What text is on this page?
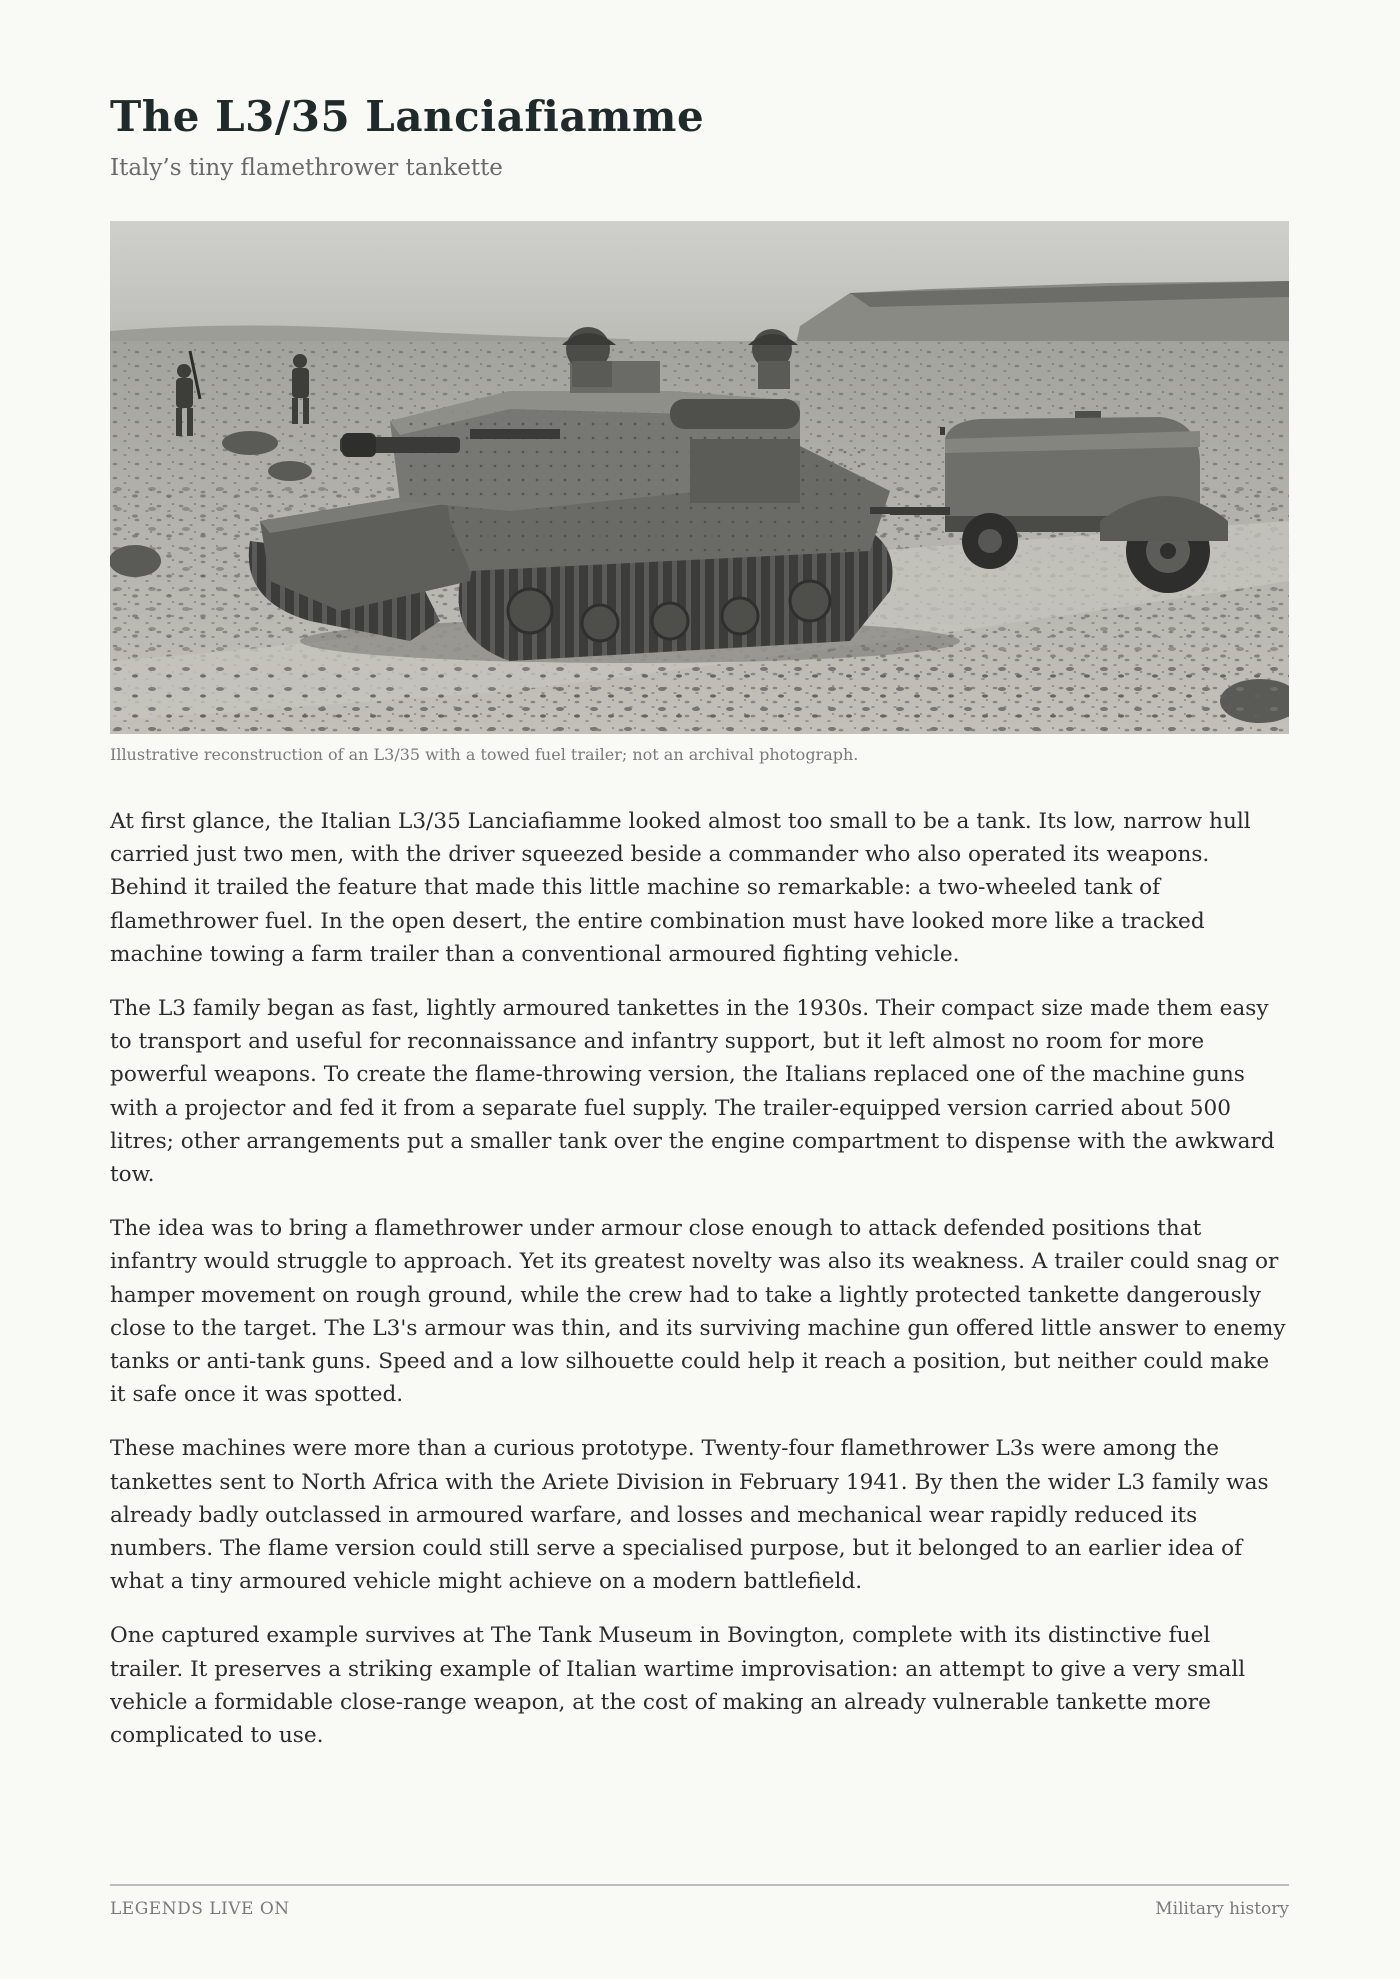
The L3/35 Lanciafiamme
Italy’s tiny flamethrower tankette
Illustrative reconstruction of an L3/35 with a towed fuel trailer; not an archival photograph.

At first glance, the Italian L3/35 Lanciafiamme looked almost too small to be a tank. Its low, narrow hull carried just two men, with the driver squeezed beside a commander who also operated its weapons. Behind it trailed the feature that made this little machine so remarkable: a two-wheeled tank of flamethrower fuel. In the open desert, the entire combination must have looked more like a tracked machine towing a farm trailer than a conventional armoured fighting vehicle.

The L3 family began as fast, lightly armoured tankettes in the 1930s. Their compact size made them easy to transport and useful for reconnaissance and infantry support, but it left almost no room for more powerful weapons. To create the flame-throwing version, the Italians replaced one of the machine guns with a projector and fed it from a separate fuel supply. The trailer-equipped version carried about 500 litres; other arrangements put a smaller tank over the engine compartment to dispense with the awkward tow.

The idea was to bring a flamethrower under armour close enough to attack defended positions that infantry would struggle to approach. Yet its greatest novelty was also its weakness. A trailer could snag or hamper movement on rough ground, while the crew had to take a lightly protected tankette dangerously close to the target. The L3's armour was thin, and its surviving machine gun offered little answer to enemy tanks or anti-tank guns. Speed and a low silhouette could help it reach a position, but neither could make it safe once it was spotted.

These machines were more than a curious prototype. Twenty-four flamethrower L3s were among the tankettes sent to North Africa with the Ariete Division in February 1941. By then the wider L3 family was already badly outclassed in armoured warfare, and losses and mechanical wear rapidly reduced its numbers. The flame version could still serve a specialised purpose, but it belonged to an earlier idea of what a tiny armoured vehicle might achieve on a modern battlefield.

One captured example survives at The Tank Museum in Bovington, complete with its distinctive fuel trailer. It preserves a striking example of Italian wartime improvisation: an attempt to give a very small vehicle a formidable close-range weapon, at the cost of making an already vulnerable tankette more complicated to use.

LEGENDS LIVE ON	Military history
